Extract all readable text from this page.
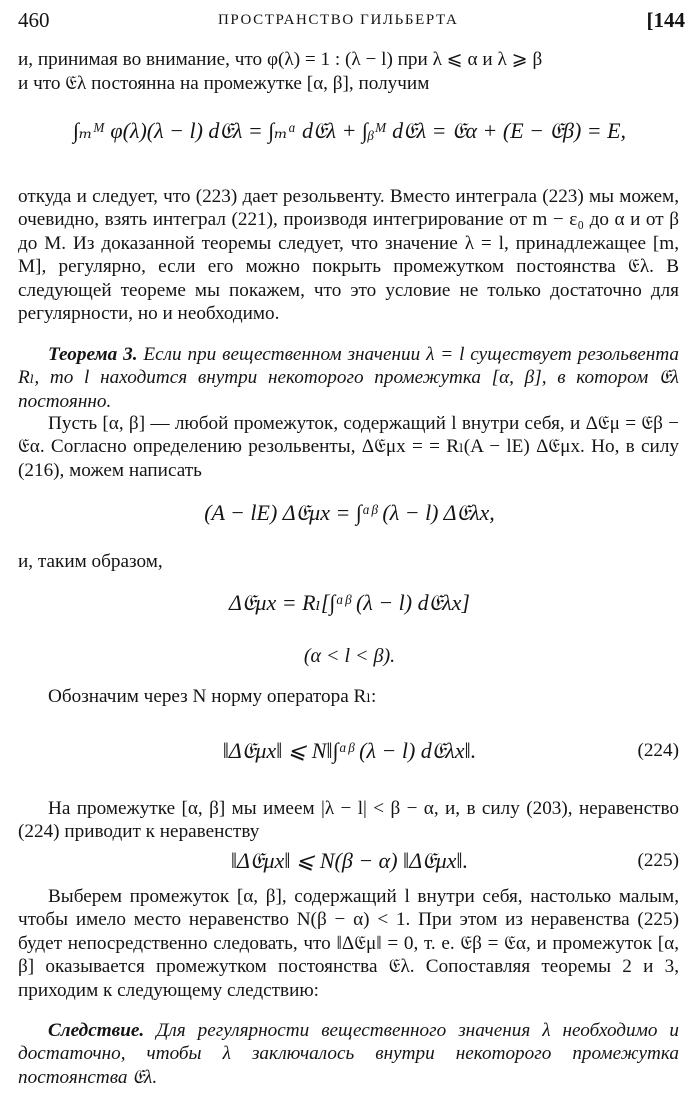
460	ПРОСТРАНСТВО ГИЛЬБЕРТА	[144
и, принимая во внимание, что φ(λ) = 1 : (λ − l) при λ ⩽ α и λ ⩾ β
и что 𝔈λ постоянна на промежутке [α, β], получим
∫ₘᴹ φ(λ)(λ − l) d𝔈λ = ∫ₘᵅ d𝔈λ + ∫ᵦᴹ d𝔈λ = 𝔈α + (E − 𝔈β) = E,
откуда и следует, что (223) дает резольвенту. Вместо интеграла (223) мы можем, очевидно, взять интеграл (221), производя интегрирование от m − ε₀ до α и от β до M. Из доказанной теоремы следует, что значение λ = l, принадлежащее [m, M], регулярно, если его можно покрыть промежутком постоянства 𝔈λ. В следующей теореме мы покажем, что это условие не только достаточно для регулярности, но и необходимо.
Теорема 3. Если при вещественном значении λ = l существует резольвента Rₗ, то l находится внутри некоторого промежутка [α, β], в котором 𝔈λ постоянно.
Пусть [α, β] — любой промежуток, содержащий l внутри себя, и Δ𝔈μ = 𝔈β − 𝔈α. Согласно определению резольвенты, Δ𝔈μx = = Rₗ(A − lE) Δ𝔈μx. Но, в силу (216), можем написать
(A − lE) Δ𝔈μx = ∫ᵅᵝ (λ − l) Δ𝔈λx,
и, таким образом,
Δ𝔈μx = Rₗ[∫ᵅᵝ (λ − l) d𝔈λx]
(α < l < β).
Обозначим через N норму оператора Rₗ:
‖Δ𝔈μx‖ ⩽ N‖∫ᵅᵝ (λ − l) d𝔈λx‖.	(224)
На промежутке [α, β] мы имеем |λ − l| < β − α, и, в силу (203), неравенство (224) приводит к неравенству
‖Δ𝔈μx‖ ⩽ N(β − α) ‖Δ𝔈μx‖.	(225)
Выберем промежуток [α, β], содержащий l внутри себя, настолько малым, чтобы имело место неравенство N(β − α) < 1. При этом из неравенства (225) будет непосредственно следовать, что ‖Δ𝔈μ‖ = 0, т. е. 𝔈β = 𝔈α, и промежуток [α, β] оказывается промежутком постоянства 𝔈λ. Сопоставляя теоремы 2 и 3, приходим к следующему следствию:
Следствие. Для регулярности вещественного значения λ необходимо и достаточно, чтобы λ заключалось внутри некоторого промежутка постоянства 𝔈λ.
